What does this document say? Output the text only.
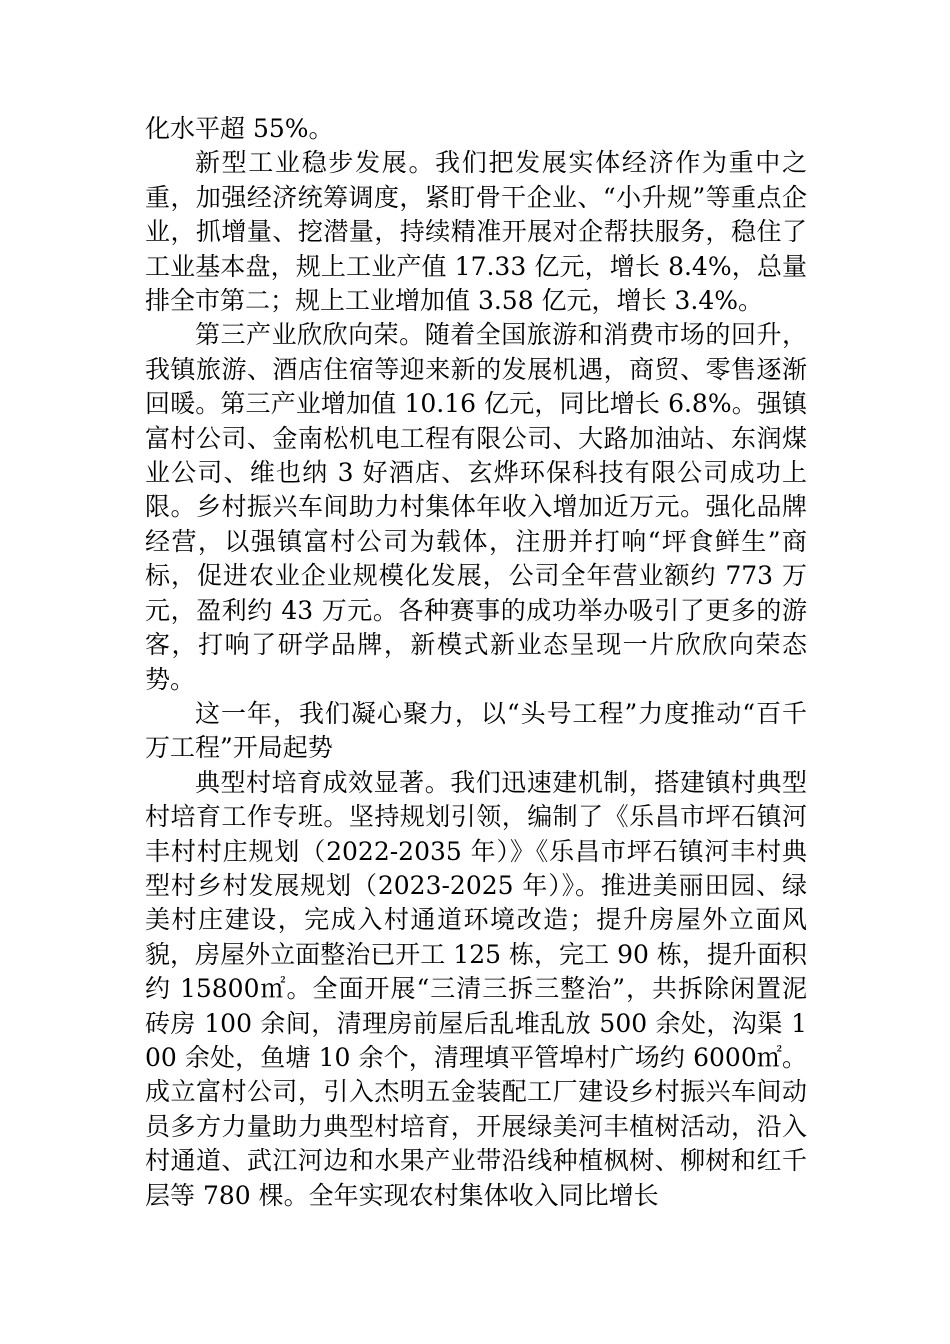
化水平超 55%。

新型工业稳步发展。我们把发展实体经济作为重中之重，加强经济统筹调度，紧盯骨干企业、“小升规”等重点企业，抓增量、挖潜量，持续精准开展对企帮扶服务，稳住了工业基本盘，规上工业产值 17.33 亿元，增长 8.4%，总量排全市第二；规上工业增加值 3.58 亿元，增长 3.4%。

第三产业欣欣向荣。随着全国旅游和消费市场的回升，我镇旅游、酒店住宿等迎来新的发展机遇，商贸、零售逐渐回暖。第三产业增加值 10.16 亿元，同比增长 6.8%。强镇富村公司、金南松机电工程有限公司、大路加油站、东润煤业公司、维也纳 3 好酒店、玄烨环保科技有限公司成功上限。乡村振兴车间助力村集体年收入增加近万元。强化品牌经营，以强镇富村公司为载体，注册并打响“坪食鲜生”商标，促进农业企业规模化发展，公司全年营业额约 773 万元，盈利约 43 万元。各种赛事的成功举办吸引了更多的游客，打响了研学品牌，新模式新业态呈现一片欣欣向荣态势。

这一年，我们凝心聚力，以“头号工程”力度推动“百千万工程”开局起势

典型村培育成效显著。我们迅速建机制，搭建镇村典型村培育工作专班。坚持规划引领，编制了《乐昌市坪石镇河丰村村庄规划（2022-2035 年）》《乐昌市坪石镇河丰村典型村乡村发展规划（2023-2025 年）》。推进美丽田园、绿美村庄建设，完成入村通道环境改造；提升房屋外立面风貌，房屋外立面整治已开工 125 栋，完工 90 栋，提升面积约 15800㎡。全面开展“三清三拆三整治”，共拆除闲置泥砖房 100 余间，清理房前屋后乱堆乱放 500 余处，沟渠 100 余处，鱼塘 10 余个，清理填平管埠村广场约 6000㎡。成立富村公司，引入杰明五金装配工厂建设乡村振兴车间动员多方力量助力典型村培育，开展绿美河丰植树活动，沿入村通道、武江河边和水果产业带沿线种植枫树、柳树和红千层等 780 棵。全年实现农村集体收入同比增长
